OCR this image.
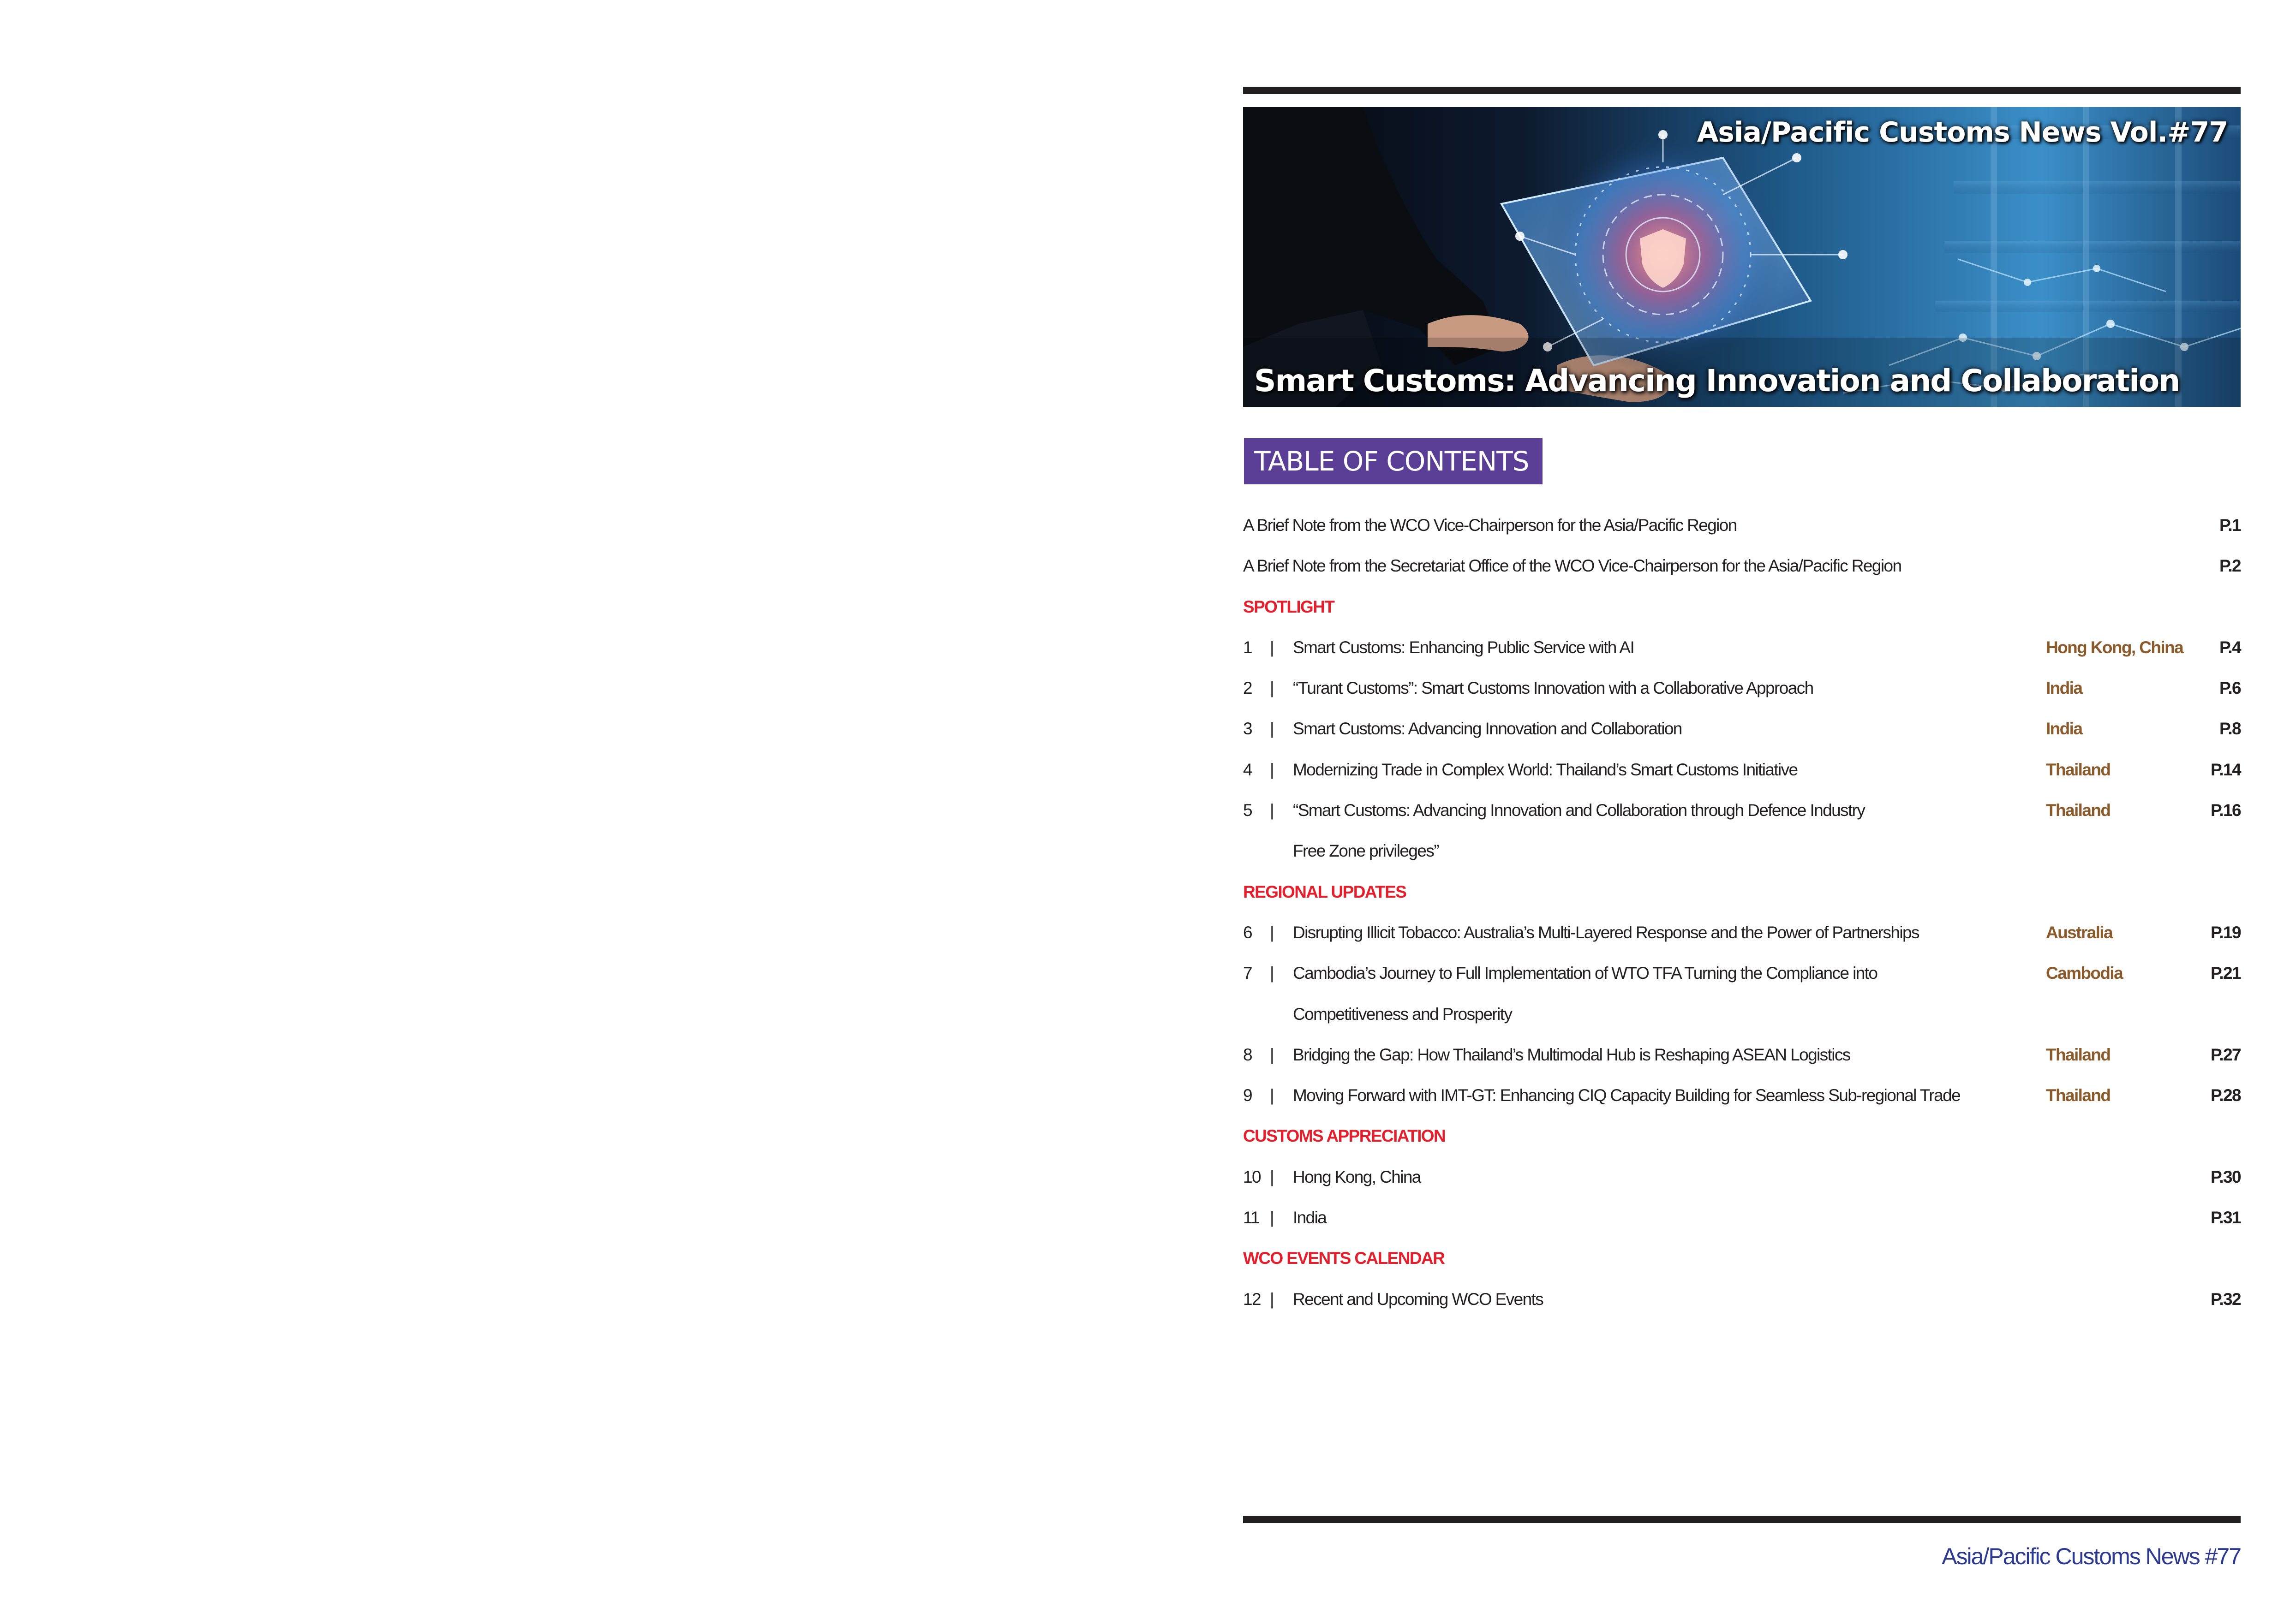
Asia/Pacific Customs News Vol.#77
Smart Customs: Advancing Innovation and Collaboration
TABLE OF CONTENTS
A Brief Note from the WCO Vice-Chairperson for the Asia/Pacific Region	P.1
A Brief Note from the Secretariat Office of the WCO Vice-Chairperson for the Asia/Pacific Region	P.2
SPOTLIGHT
1 | Smart Customs: Enhancing Public Service with AI	Hong Kong, China P.4
2 | “Turant Customs”: Smart Customs Innovation with a Collaborative Approach	India	P.6
3 | Smart Customs: Advancing Innovation and Collaboration	India	P.8
4 | Modernizing Trade in Complex World: Thailand’s Smart Customs Initiative	Thailand	P.14
5 | “Smart Customs: Advancing Innovation and Collaboration through Defence Industry	Thailand	P.16
Free Zone privileges”
REGIONAL UPDATES
6 | Disrupting Illicit Tobacco: Australia’s Multi-Layered Response and the Power of Partnerships	Australia	P.19
7 | Cambodia’s Journey to Full Implementation of WTO TFA Turning the Compliance into	Cambodia	P.21
Competitiveness and Prosperity
8 | Bridging the Gap: How Thailand’s Multimodal Hub is Reshaping ASEAN Logistics	Thailand	P.27
9 | Moving Forward with IMT-GT: Enhancing CIQ Capacity Building for Seamless Sub-regional Trade	Thailand	P.28
CUSTOMS APPRECIATION
10 | Hong Kong, China	P.30
11 | India	P.31
WCO EVENTS CALENDAR
12 | Recent and Upcoming WCO Events	P.32
Asia/Pacific Customs News #77
